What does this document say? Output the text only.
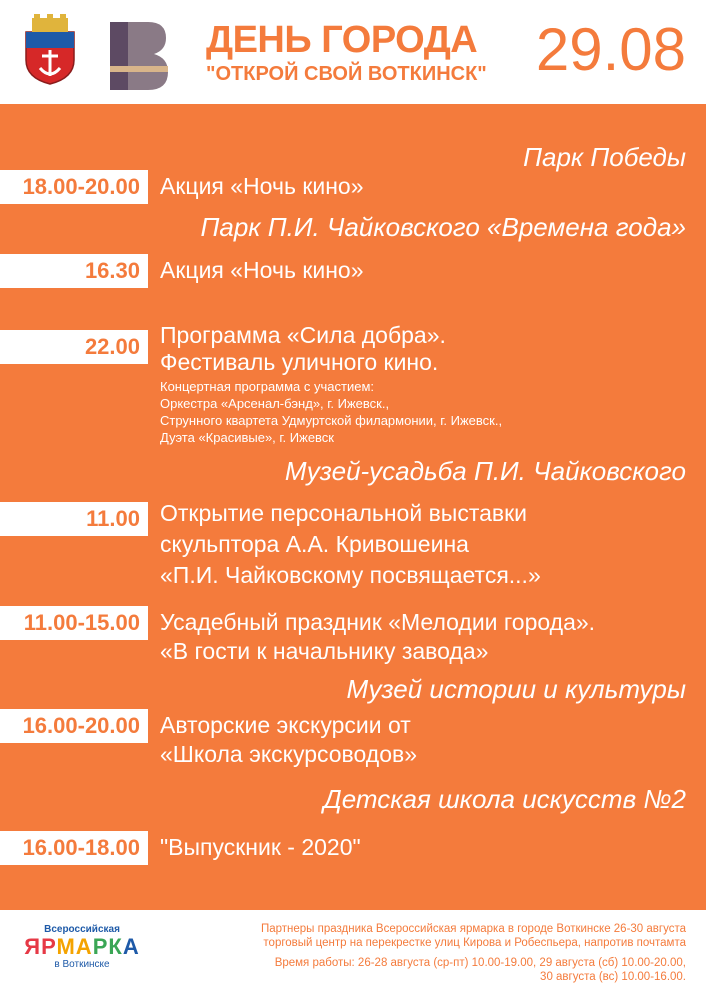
ДЕНЬ ГОРОДА
"ОТКРОЙ СВОЙ ВОТКИНСК" 29.08
Парк Победы
18.00-20.00 Акция «Ночь кино»
Парк П.И. Чайковского «Времена года»
16.30 Акция «Ночь кино»
22.00 Программа «Сила добра».
Фестиваль уличного кино.
Концертная программа с участием:
Оркестра «Арсенал-бэнд», г. Ижевск.,
Струнного квартета Удмуртской филармонии, г. Ижевск.,
Дуэта «Красивые», г. Ижевск
Музей-усадьба П.И. Чайковского
11.00 Открытие персональной выставки
скульптора А.А. Кривошеина
«П.И. Чайковскому посвящается...»
11.00-15.00 Усадебный праздник «Мелодии города».
«В гости к начальнику завода»
Музей истории и культуры
16.00-20.00 Авторские экскурсии от
«Школа экскурсоводов»
Детская школа искусств №2
16.00-18.00 "Выпускник - 2020"
Всероссийская
ЯРМАРКА
в Воткинске
Партнеры праздника Всероссийская ярмарка в городе Воткинске 26-30 августа
торговый центр на перекрестке улиц Кирова и Робеспьера, напротив почтамта
Время работы: 26-28 августа (ср-пт) 10.00-19.00, 29 августа (сб) 10.00-20.00,
30 августа (вс) 10.00-16.00.
